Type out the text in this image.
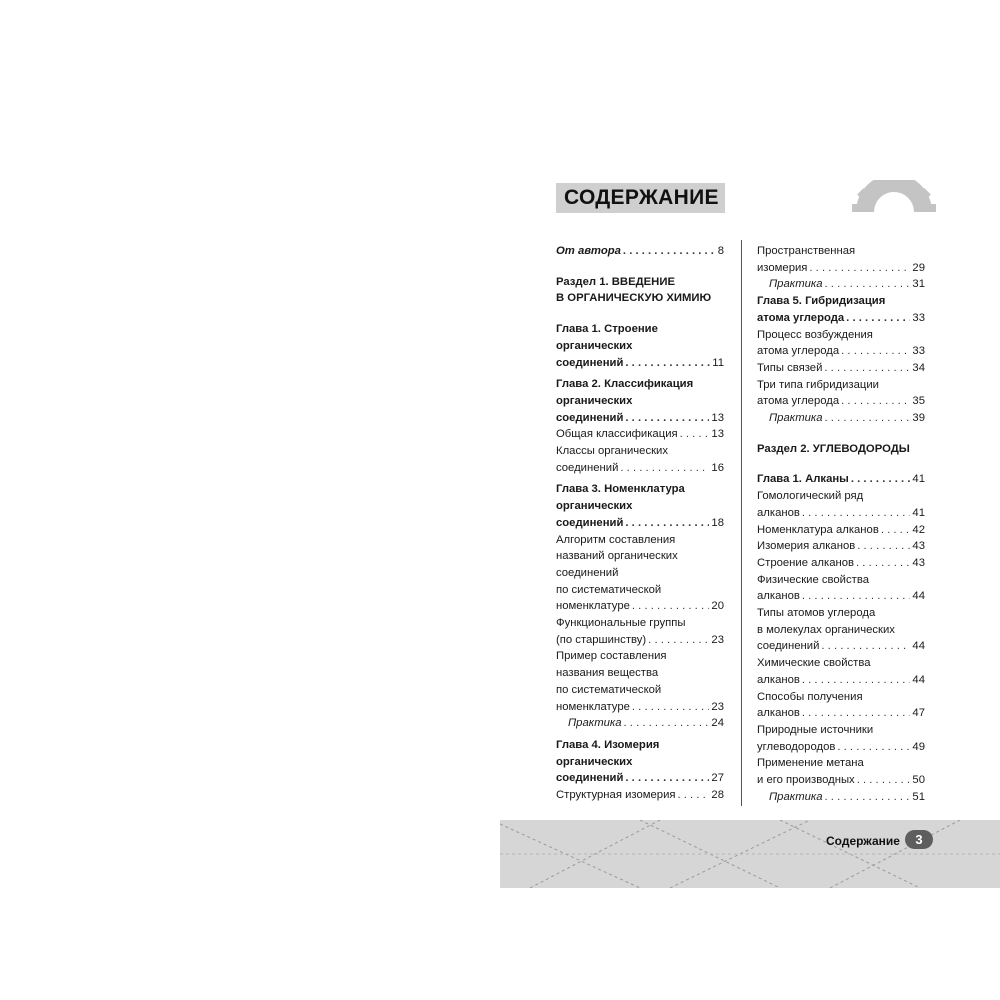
СОДЕРЖАНИЕ
От автора . . .	8
Раздел 1. ВВЕДЕНИЕ
В ОРГАНИЧЕСКУЮ ХИМИЮ
Глава 1. Строение
органических
соединений . . .	11
Глава 2. Классификация
органических
соединений . . .	13
Общая классификация . . .	13
Классы органических
соединений . . .	16
Глава 3. Номенклатура
органических
соединений . . .	18
Алгоритм составления
названий органических
соединений
по систематической
номенклатуре . . .	20
Функциональные группы
(по старшинству) . . .	23
Пример составления
названия вещества
по систематической
номенклатуре . . .	23
Практика . . .	24
Глава 4. Изомерия
органических
соединений . . .	27
Структурная изомерия . . .	28
Пространственная
изомерия . . .	29
Практика . . .	31
Глава 5. Гибридизация
атома углерода . . .	33
Процесс возбуждения
атома углерода . . .	33
Типы связей . . .	34
Три типа гибридизации
атома углерода . . .	35
Практика . . .	39
Раздел 2. УГЛЕВОДОРОДЫ
Глава 1. Алканы . . .	41
Гомологический ряд
алканов . . .	41
Номенклатура алканов . . .	42
Изомерия алканов . . .	43
Строение алканов . . .	43
Физические свойства
алканов . . .	44
Типы атомов углерода
в молекулах органических
соединений . . .	44
Химические свойства
алканов . . .	44
Способы получения
алканов . . .	47
Природные источники
углеводородов . . .	49
Применение метана
и его производных . . .	50
Практика . . .	51
Содержание	3
